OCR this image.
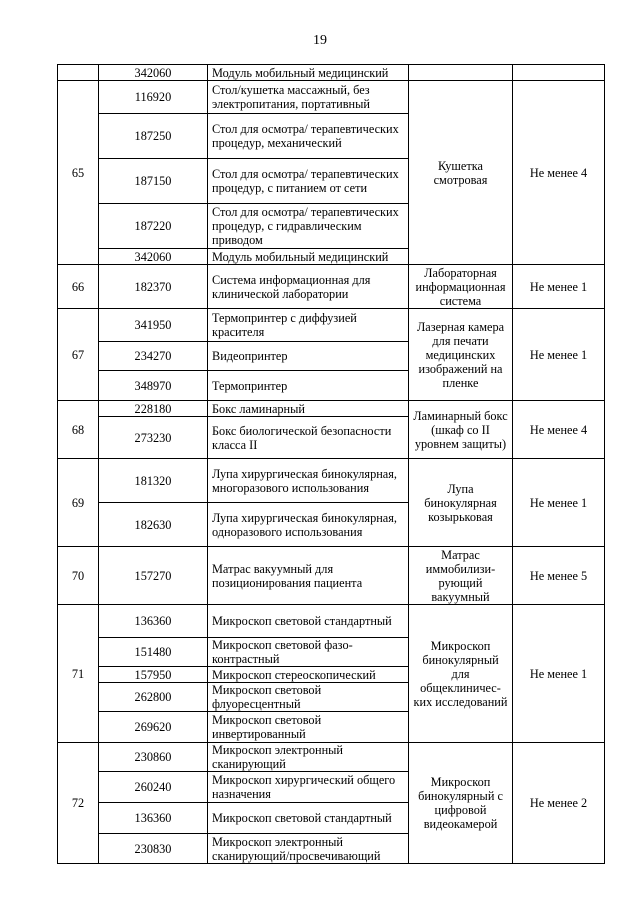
19
	342060	Модуль мобильный медицинский		
65	116920	Стол/кушетка массажный, без электропитания, портативный	Кушетка смотровая	Не менее 4
	187250	Стол для осмотра/ терапевтических процедур, механический		
	187150	Стол для осмотра/ терапевтических процедур, с питанием от сети		
	187220	Стол для осмотра/ терапевтических процедур, с гидравлическим приводом		
	342060	Модуль мобильный медицинский		
66	182370	Система информационная для клинической лаборатории	Лабораторная информационная система	Не менее 1
67	341950	Термопринтер с диффузией красителя	Лазерная камера для печати медицинских изображений на пленке	Не менее 1
	234270	Видеопринтер		
	348970	Термопринтер		
68	228180	Бокс ламинарный	Ламинарный бокс (шкаф со II уровнем защиты)	Не менее 4
	273230	Бокс биологической безопасности класса II		
69	181320	Лупа хирургическая бинокулярная, многоразового использования	Лупа бинокулярная козырьковая	Не менее 1
	182630	Лупа хирургическая бинокулярная, одноразового использования		
70	157270	Матрас вакуумный для позиционирования пациента	Матрас иммобилизи- рующий вакуумный	Не менее 5
71	136360	Микроскоп световой стандартный	Микроскоп бинокулярный для общеклиничес- ких исследований	Не менее 1
	151480	Микроскоп световой фазо- контрастный		
	157950	Микроскоп стереоскопический		
	262800	Микроскоп световой флуоресцентный		
	269620	Микроскоп световой инвертированный		
72	230860	Микроскоп электронный сканирующий	Микроскоп бинокулярный с цифровой видеокамерой	Не менее 2
	260240	Микроскоп хирургический общего назначения		
	136360	Микроскоп световой стандартный		
	230830	Микроскоп электронный сканирующий/просвечивающий		
